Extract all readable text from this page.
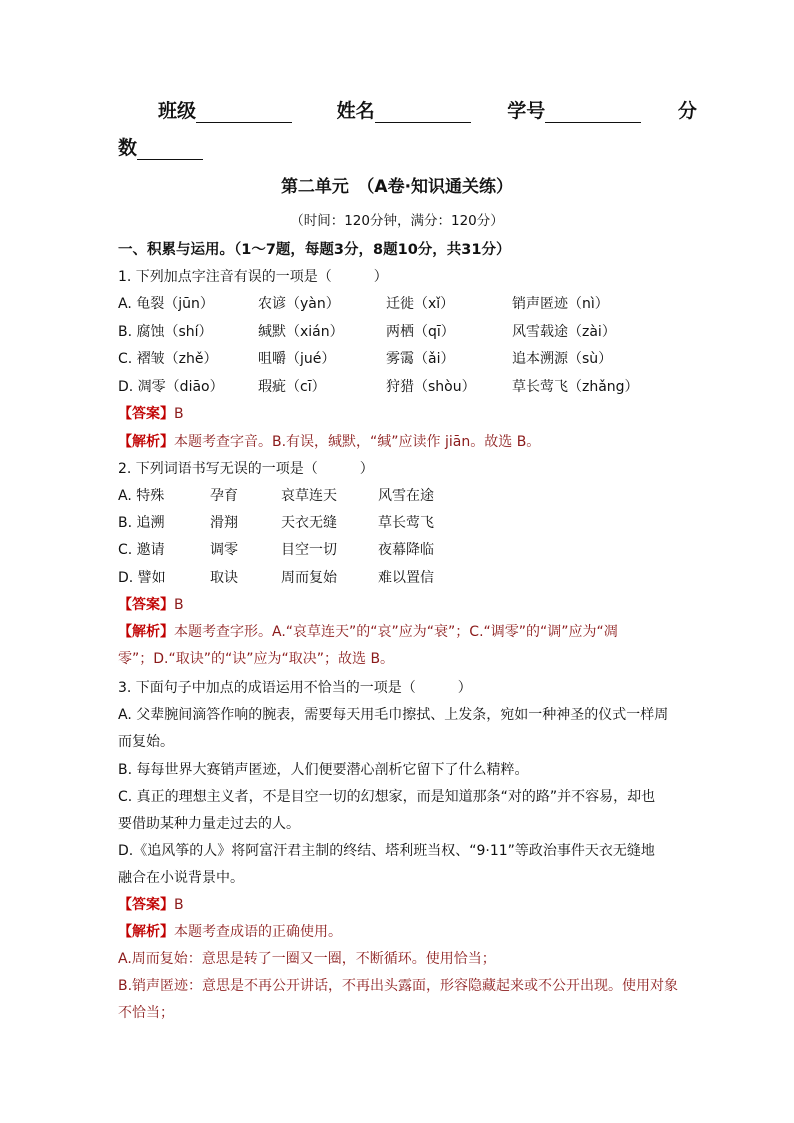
班级	姓名	学号	分
数
第二单元　（A卷·知识通关练）
（时间：120分钟，满分：120分）
一、积累与运用。（1～7题，每题3分，8题10分，共31分）
1. 下列加点字注音有误的一项是（　　　）
A. 龟裂（jūn）	农谚（yàn）	迁徙（xǐ）	销声匿迹（nì）
B. 腐蚀（shí）	缄默（xián）	两栖（qī）	风雪载途（zài）
C. 褶皱（zhě）	咀嚼（jué）	雾霭（ǎi）	追本溯源（sù）
D. 凋零（diāo） 瑕疵（cī）	狩猎（shòu）	草长莺飞（zhǎng）
【答案】B
【解析】本题考查字音。B.有误，缄默，“缄”应读作 jiān。故选 B。
2. 下列词语书写无误的一项是（　　　）
A. 特殊	孕育	哀草连天	风雪在途
B. 追溯	滑翔	天衣无缝	草长莺飞
C. 邀请	调零	目空一切	夜幕降临
D. 譬如	取诀	周而复始	难以置信
【答案】B
【解析】本题考查字形。A.“哀草连天”的“哀”应为“衰”；C.“调零”的“调”应为“凋
零”；D.“取诀”的“诀”应为“取决”；故选 B。
3. 下面句子中加点的成语运用不恰当的一项是（　　　）
A. 父辈腕间滴答作响的腕表，需要每天用毛巾擦拭、上发条，宛如一种神圣的仪式一样周
而复始。
B. 每每世界大赛销声匿迹，人们便要潜心剖析它留下了什么精粹。
C. 真正的理想主义者，不是目空一切的幻想家，而是知道那条“对的路”并不容易，却也
要借助某种力量走过去的人。
D.《追风筝的人》将阿富汗君主制的终结、塔利班当权、“9·11”等政治事件天衣无缝地
融合在小说背景中。
【答案】B
【解析】本题考查成语的正确使用。
A.周而复始：意思是转了一圈又一圈，不断循环。使用恰当；
B.销声匿迹：意思是不再公开讲话，不再出头露面，形容隐藏起来或不公开出现。使用对象
不恰当；
